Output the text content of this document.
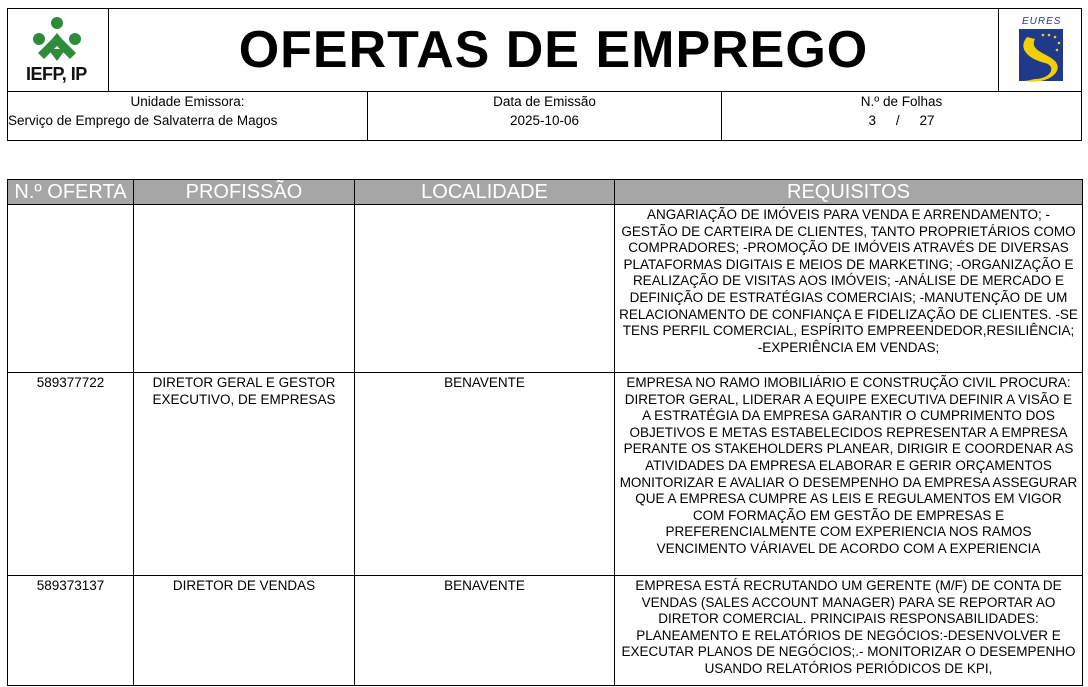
IEFP, IP	OFERTAS DE EMPREGO	EURES
Unidade Emissora:
Serviço de Emprego de Salvaterra de Magos
Data de Emissão
2025-10-06
N.º de Folhas
3 / 27
N.º OFERTA	PROFISSÃO	LOCALIDADE	REQUISITOS
			ANGARIAÇÃO DE IMÓVEIS PARA VENDA E ARRENDAMENTO; -GESTÃO DE CARTEIRA DE CLIENTES, TANTO PROPRIETÁRIOS COMO COMPRADORES; -PROMOÇÃO DE IMÓVEIS ATRAVÉS DE DIVERSAS PLATAFORMAS DIGITAIS E MEIOS DE MARKETING; -ORGANIZAÇÃO E REALIZAÇÃO DE VISITAS AOS IMÓVEIS; -ANÁLISE DE MERCADO E DEFINIÇÃO DE ESTRATÉGIAS COMERCIAIS; -MANUTENÇÃO DE UM RELACIONAMENTO DE CONFIANÇA E FIDELIZAÇÃO DE CLIENTES. -SE TENS PERFIL COMERCIAL, ESPÍRITO EMPREENDEDOR,RESILIÊNCIA; -EXPERIÊNCIA EM VENDAS;
589377722	DIRETOR GERAL E GESTOR EXECUTIVO, DE EMPRESAS	BENAVENTE	EMPRESA NO RAMO IMOBILIÁRIO E CONSTRUÇÃO CIVIL PROCURA: DIRETOR GERAL, LIDERAR A EQUIPE EXECUTIVA DEFINIR A VISÃO E A ESTRATÉGIA DA EMPRESA GARANTIR O CUMPRIMENTO DOS OBJETIVOS E METAS ESTABELECIDOS REPRESENTAR A EMPRESA PERANTE OS STAKEHOLDERS PLANEAR, DIRIGIR E COORDENAR AS ATIVIDADES DA EMPRESA ELABORAR E GERIR ORÇAMENTOS MONITORIZAR E AVALIAR O DESEMPENHO DA EMPRESA ASSEGURAR QUE A EMPRESA CUMPRE AS LEIS E REGULAMENTOS EM VIGOR COM FORMAÇÃO EM GESTÃO DE EMPRESAS E PREFERENCIALMENTE COM EXPERIENCIA NOS RAMOS VENCIMENTO VÁRIAVEL DE ACORDO COM A EXPERIENCIA
589373137	DIRETOR DE VENDAS	BENAVENTE	EMPRESA ESTÁ RECRUTANDO UM GERENTE (M/F) DE CONTA DE VENDAS (SALES ACCOUNT MANAGER) PARA SE REPORTAR AO DIRETOR COMERCIAL. PRINCIPAIS RESPONSABILIDADES: PLANEAMENTO E RELATÓRIOS DE NEGÓCIOS:-DESENVOLVER E EXECUTAR PLANOS DE NEGÓCIOS;.- MONITORIZAR O DESEMPENHO USANDO RELATÓRIOS PERIÓDICOS DE KPI,
